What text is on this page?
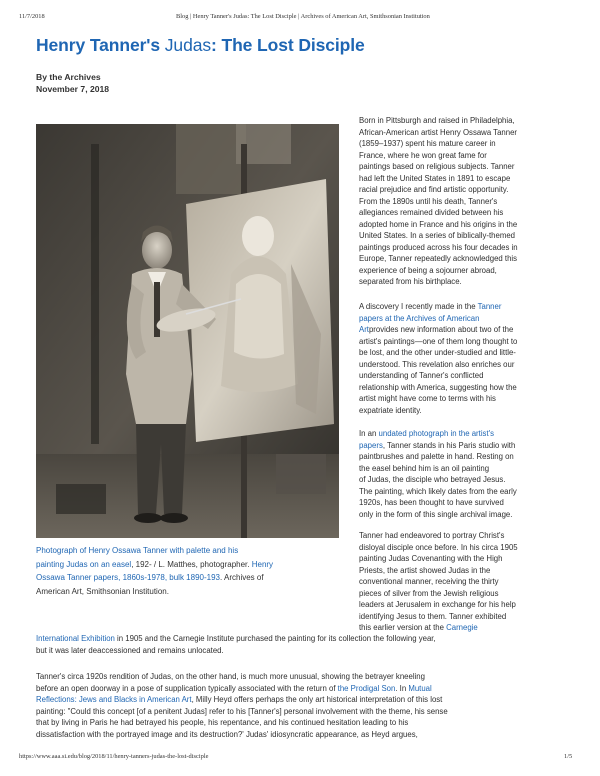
11/7/2018	Blog | Henry Tanner's Judas: The Lost Disciple | Archives of American Art, Smithsonian Institution
https://www.aaa.si.edu/blog/2018/11/henry-tanners-judas-the-lost-disciple	1/5
Henry Tanner's Judas: The Lost Disciple
By the Archives
November 7, 2018
Photograph of Henry Ossawa Tanner with palette and his
painting Judas on an easel, 192- / L. Matthes, photographer. Henry
Ossawa Tanner papers, 1860s-1978, bulk 1890-193. Archives of
American Art, Smithsonian Institution.
Born in Pittsburgh and raised in Philadelphia,
African-American artist Henry Ossawa Tanner
(1859–1937) spent his mature career in
France, where he won great fame for
paintings based on religious subjects. Tanner
had left the United States in 1891 to escape
racial prejudice and find artistic opportunity.
From the 1890s until his death, Tanner's
allegiances remained divided between his
adopted home in France and his origins in the
United States. In a series of biblically-themed
paintings produced across his four decades in
Europe, Tanner repeatedly acknowledged this
experience of being a sojourner abroad,
separated from his birthplace.
A discovery I recently made in the Tanner
papers at the Archives of American
Artprovides new information about two of the
artist's paintings—one of them long thought to
be lost, and the other under-studied and little-
understood. This revelation also enriches our
understanding of Tanner's conflicted
relationship with America, suggesting how the
artist might have come to terms with his
expatriate identity.
In an undated photograph in the artist's
papers, Tanner stands in his Paris studio with
paintbrushes and palette in hand. Resting on
the easel behind him is an oil painting
of Judas, the disciple who betrayed Jesus.
The painting, which likely dates from the early
1920s, has been thought to have survived
only in the form of this single archival image.
Tanner had endeavored to portray Christ's
disloyal disciple once before. In his circa 1905
painting Judas Covenanting with the High
Priests, the artist showed Judas in the
conventional manner, receiving the thirty
pieces of silver from the Jewish religious
leaders at Jerusalem in exchange for his help
identifying Jesus to them. Tanner exhibited
this earlier version at the Carnegie
International Exhibition in 1905 and the Carnegie Institute purchased the painting for its collection the following year,
but it was later deaccessioned and remains unlocated.
Tanner's circa 1920s rendition of Judas, on the other hand, is much more unusual, showing the betrayer kneeling
before an open doorway in a pose of supplication typically associated with the return of the Prodigal Son. In Mutual
Reflections: Jews and Blacks in American Art, Milly Heyd offers perhaps the only art historical interpretation of this lost
painting: "Could this concept [of a penitent Judas] refer to his [Tanner's] personal involvement with the theme, his sense
that by living in Paris he had betrayed his people, his repentance, and his continued hesitation leading to his
dissatisfaction with the portrayed image and its destruction?' Judas' idiosyncratic appearance, as Heyd argues,
